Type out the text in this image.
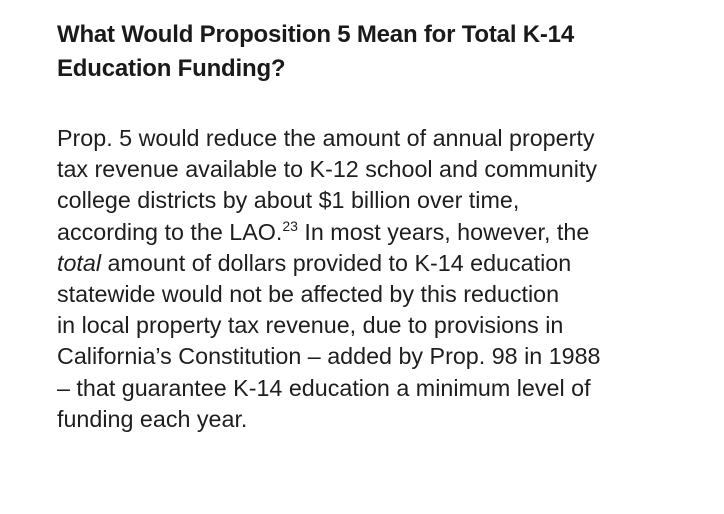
What Would Proposition 5 Mean for Total K-14
Education Funding?

Prop. 5 would reduce the amount of annual property
tax revenue available to K-12 school and community
college districts by about $1 billion over time,
according to the LAO.$^{23}$ In most years, however, the
total amount of dollars provided to K-14 education
statewide would not be affected by this reduction
in local property tax revenue, due to provisions in
California’s Constitution – added by Prop. 98 in 1988
– that guarantee K-14 education a minimum level of
funding each year.
